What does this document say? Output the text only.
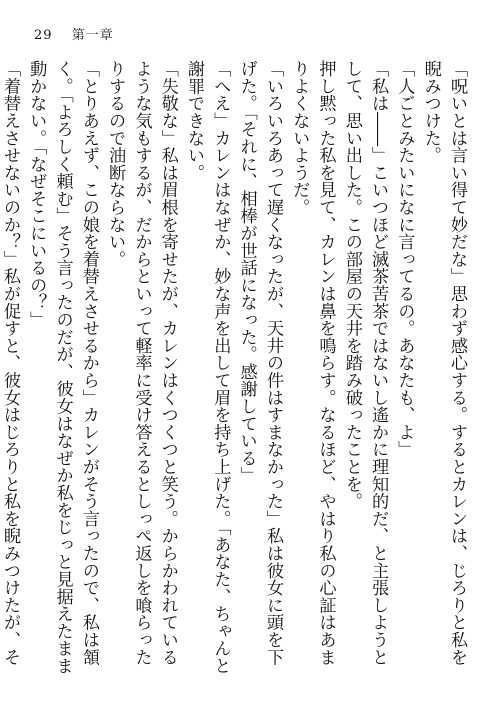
29 第一章

「呪いとは言い得て妙だな」思わず感心する。するとカレンは、じろりと私を睨みつけた。

「人ごとみたいになに言ってるの。あなたも、よ」

「私は――」こいつほど滅茶苦茶ではないし遙かに理知的だ、と主張しようとして、思い出した。この部屋の天井を踏み破ったことを。

押し黙った私を見て、カレンは鼻を鳴らす。なるほど、やはり私の心証はあまりよくないようだ。

「いろいろあって遅くなったが、天井の件はすまなかった」私は彼女に頭を下げた。「それに、相棒が世話になった。感謝している」

「へえ」カレンはなぜか、妙な声を出して眉を持ち上げた。「あなた、ちゃんと謝罪できない。

「失敬な」私は眉根を寄せたが、カレンはくつくつと笑う。からかわれているような気もするが、だからといって軽率に受け答えるとしっぺ返しを喰らったりするので油断ならない。

「とりあえず、この娘を着替えさせるから」カレンがそう言ったので、私は頷く。「よろしく頼む」そう言ったのだが、彼女はなぜか私をじっと見据えたまま動かない。「なぜそこにいるの？」

「着替えさせないのか？」私が促すと、彼女はじろりと私を睨みつけたが、そ
